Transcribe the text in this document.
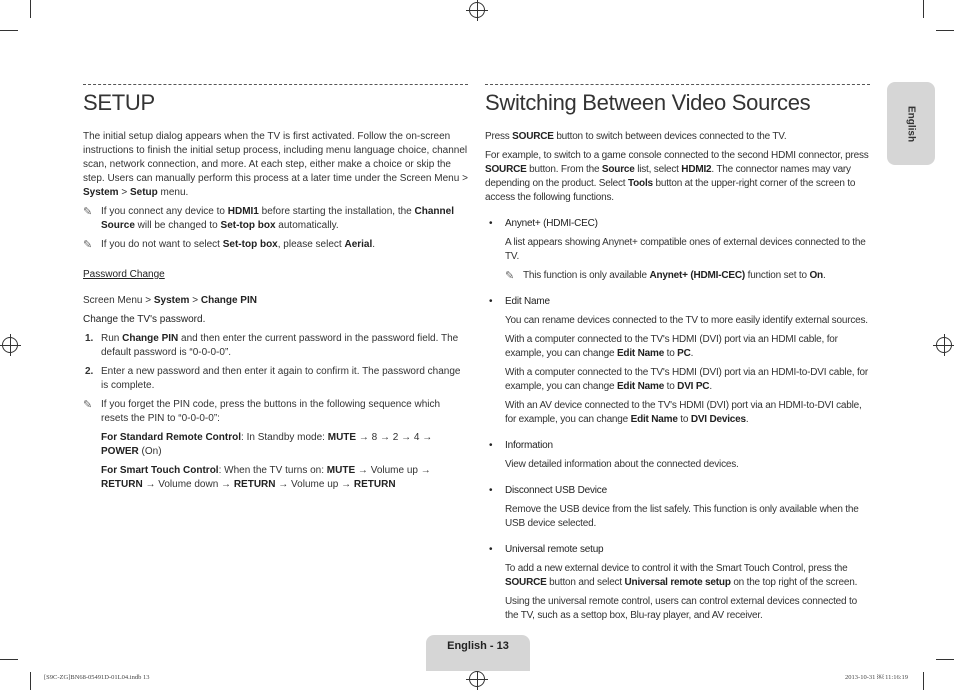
SETUP	Switching Between Video Sources

The initial setup dialog appears when the TV is first activated. Follow the on-screen instructions to finish the initial setup process, including menu language choice, channel scan, network connection, and more. At each step, either make a choice or skip the step. Users can manually perform this process at a later time under the Screen Menu > System > Setup menu.

✎ If you connect any device to HDMI1 before starting the installation, the Channel Source will be changed to Set-top box automatically.

✎ If you do not want to select Set-top box, please select Aerial.

Password Change

Screen Menu > System > Change PIN

Change the TV's password.

1. Run Change PIN and then enter the current password in the password field. The default password is “0-0-0-0”.

2. Enter a new password and then enter it again to confirm it. The password change is complete.

✎ If you forget the PIN code, press the buttons in the following sequence which resets the PIN to “0-0-0-0”:

For Standard Remote Control: In Standby mode: MUTE → 8 → 2 → 4 → POWER (On)

For Smart Touch Control: When the TV turns on: MUTE → Volume up → RETURN → Volume down → RETURN → Volume up → RETURN

Press SOURCE button to switch between devices connected to the TV.

For example, to switch to a game console connected to the second HDMI connector, press SOURCE button. From the Source list, select HDMI2. The connector names may vary depending on the product. Select Tools button at the upper-right corner of the screen to access the following functions.

• Anynet+ (HDMI-CEC)

A list appears showing Anynet+ compatible ones of external devices connected to the TV.

✎ This function is only available Anynet+ (HDMI-CEC) function set to On.

• Edit Name

You can rename devices connected to the TV to more easily identify external sources.

With a computer connected to the TV's HDMI (DVI) port via an HDMI cable, for example, you can change Edit Name to PC.

With a computer connected to the TV's HDMI (DVI) port via an HDMI-to-DVI cable, for example, you can change Edit Name to DVI PC.

With an AV device connected to the TV's HDMI (DVI) port via an HDMI-to-DVI cable, for example, you can change Edit Name to DVI Devices.

• Information

View detailed information about the connected devices.

• Disconnect USB Device

Remove the USB device from the list safely. This function is only available when the USB device selected.

• Universal remote setup

To add a new external device to control it with the Smart Touch Control, press the SOURCE button and select Universal remote setup on the top right of the screen.

Using the universal remote control, users can control external devices connected to the TV, such as a settop box, Blu-ray player, and AV receiver.

English
English - 13
[S9C-ZG]BN68-05491D-01L04.indb 13	2013-10-31 ￼ 11:16:19
